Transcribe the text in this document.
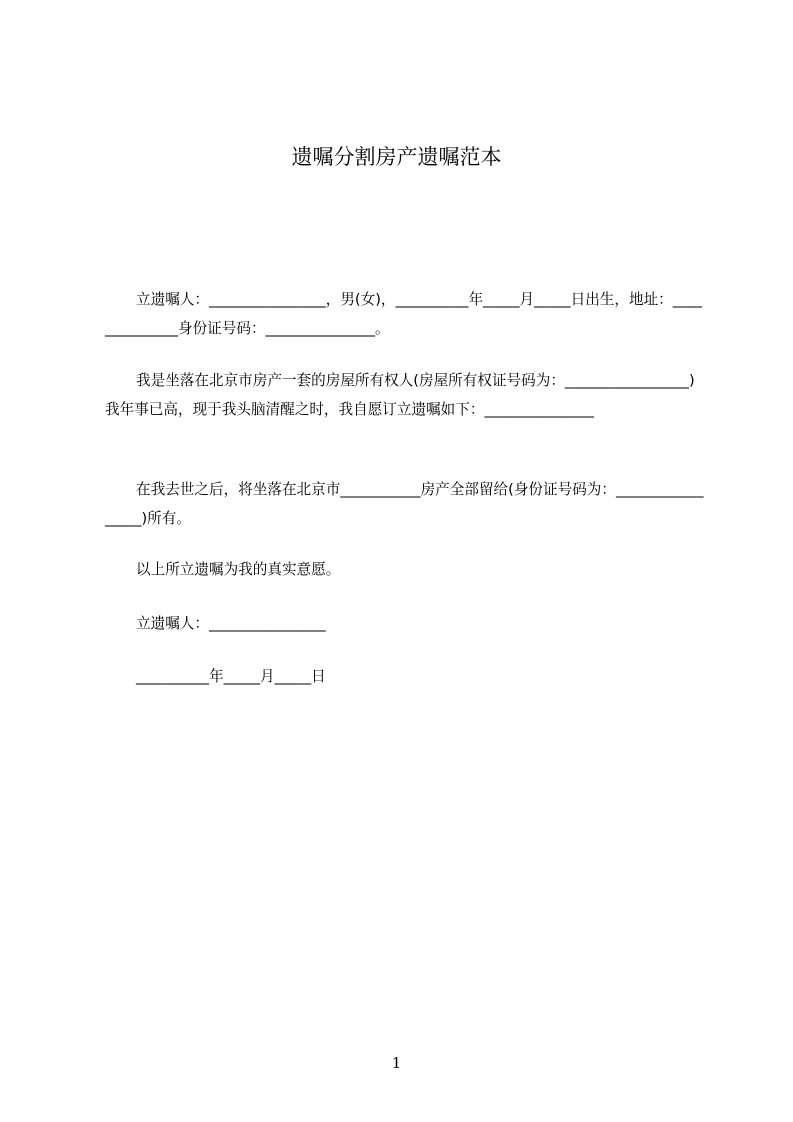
遗嘱分割房产遗嘱范本
立遗嘱人：________________，男(女)，__________年_____月_____日出生，地址：______________身份证号码：_______________。
我是坐落在北京市房产一套的房屋所有权人(房屋所有权证号码为：_________________)我年事已高，现于我头脑清醒之时，我自愿订立遗嘱如下：_______________
在我去世之后，将坐落在北京市___________房产全部留给(身份证号码为：_________________)所有。
以上所立遗嘱为我的真实意愿。
立遗嘱人：________________
__________年_____月_____日
1
